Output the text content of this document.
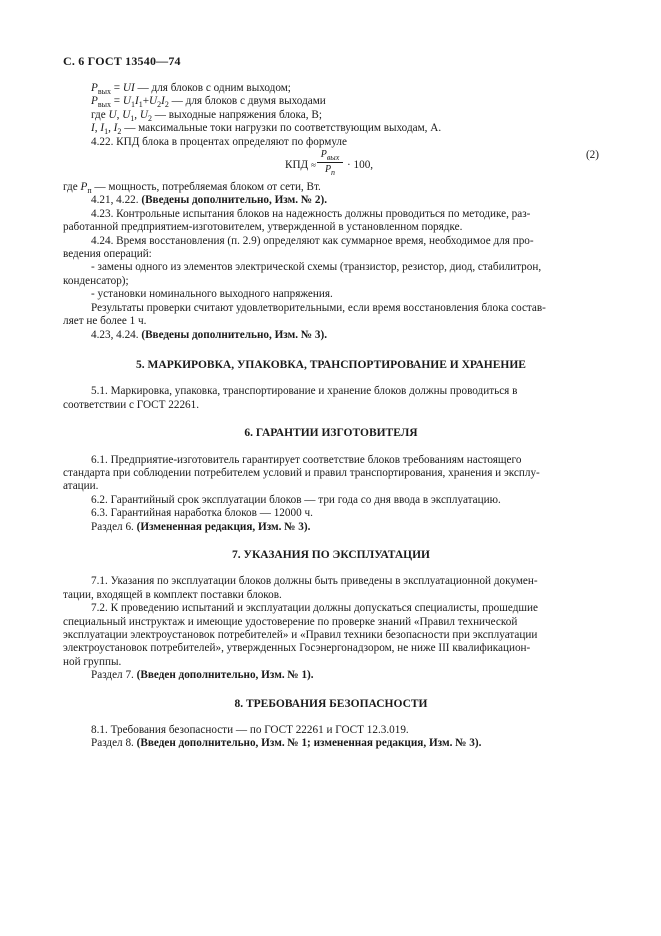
С. 6 ГОСТ 13540—74

$P_{вых}$ = UI — для блоков с одним выходом;

$P_{вых} = U_1I_1+U_2I_2$ — для блоков с двумя выходами

где U, $U_1$, $U_2$ — выходные напряжения блока, В;

I, $I_1$, $I_2$ — максимальные токи нагрузки по соответствующим выходам, А.

4.22. КПД блока в процентах определяют по формуле

КПД ≈
$P_{вых}$
$P_п$
· 100,
(2)

где $P_п$ — мощность, потребляемая блоком от сети, Вт.

4.21, 4.22. (Введены дополнительно, Изм. № 2).

4.23. Контрольные испытания блоков на надежность должны проводиться по методике, раз-

работанной предприятием-изготовителем, утвержденной в установленном порядке.

4.24. Время восстановления (п. 2.9) определяют как суммарное время, необходимое для про-

ведения операций:

- замены одного из элементов электрической схемы (транзистор, резистор, диод, стабилитрон,

конденсатор);

- установки номинального выходного напряжения.

Результаты проверки считают удовлетворительными, если время восстановления блока состав-

ляет не более 1 ч.

4.23, 4.24. (Введены дополнительно, Изм. № 3).

5. МАРКИРОВКА, УПАКОВКА, ТРАНСПОРТИРОВАНИЕ И ХРАНЕНИЕ

5.1. Маркировка, упаковка, транспортирование и хранение блоков должны проводиться в

соответствии с ГОСТ 22261.

6. ГАРАНТИИ ИЗГОТОВИТЕЛЯ

6.1. Предприятие-изготовитель гарантирует соответствие блоков требованиям настоящего

стандарта при соблюдении потребителем условий и правил транспортирования, хранения и эксплу-

атации.

6.2. Гарантийный срок эксплуатации блоков — три года со дня ввода в эксплуатацию.

6.3. Гарантийная наработка блоков — 12000 ч.

Раздел 6. (Измененная редакция, Изм. № 3).

7. УКАЗАНИЯ ПО ЭКСПЛУАТАЦИИ

7.1. Указания по эксплуатации блоков должны быть приведены в эксплуатационной докумен-

тации, входящей в комплект поставки блоков.

7.2. К проведению испытаний и эксплуатации должны допускаться специалисты, прошедшие

специальный инструктаж и имеющие удостоверение по проверке знаний «Правил технической

эксплуатации электроустановок потребителей» и «Правил техники безопасности при эксплуатации

электроустановок потребителей», утвержденных Госэнергонадзором, не ниже III квалификацион-

ной группы.

Раздел 7. (Введен дополнительно, Изм. № 1).

8. ТРЕБОВАНИЯ БЕЗОПАСНОСТИ

8.1. Требования безопасности — по ГОСТ 22261 и ГОСТ 12.3.019.

Раздел 8. (Введен дополнительно, Изм. № 1; измененная редакция, Изм. № 3).
